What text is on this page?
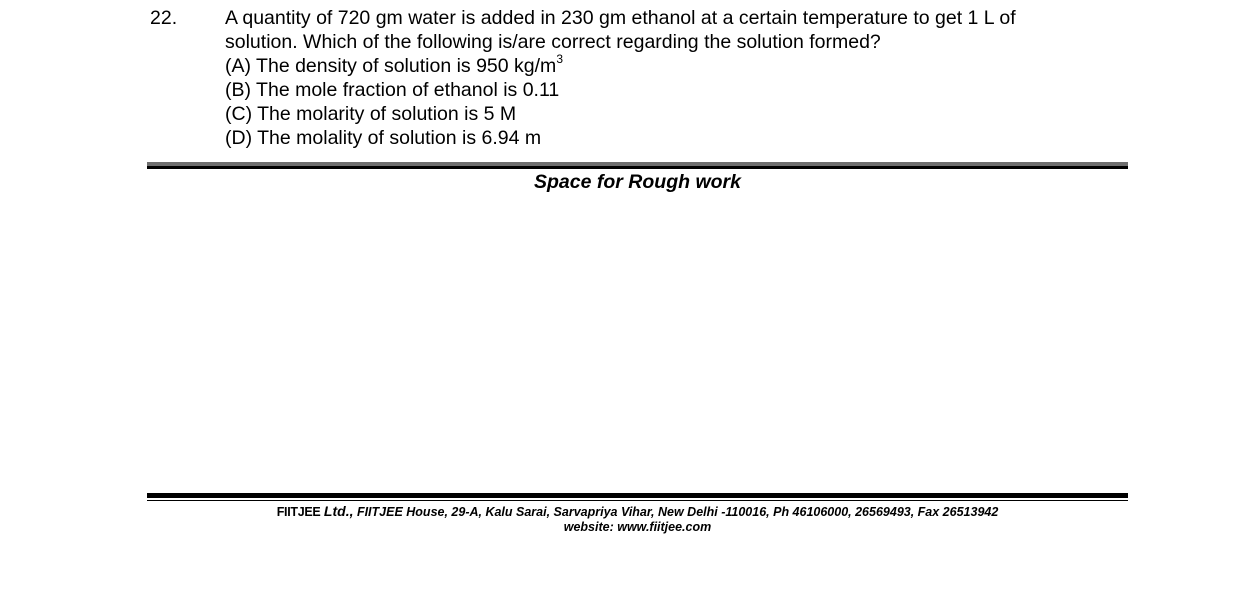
22. A quantity of 720 gm water is added in 230 gm ethanol at a certain temperature to get 1 L of
solution. Which of the following is/are correct regarding the solution formed?
(A) The density of solution is 950 $kg/m^3$
(B) The mole fraction of ethanol is 0.11
(C) The molarity of solution is 5 M
(D) The molality of solution is 6.94 m
Space for Rough work
FIITJEE Ltd., FIITJEE House, 29-A, Kalu Sarai, Sarvapriya Vihar, New Delhi -110016, Ph 46106000, 26569493, Fax 26513942
website: www.fiitjee.com
